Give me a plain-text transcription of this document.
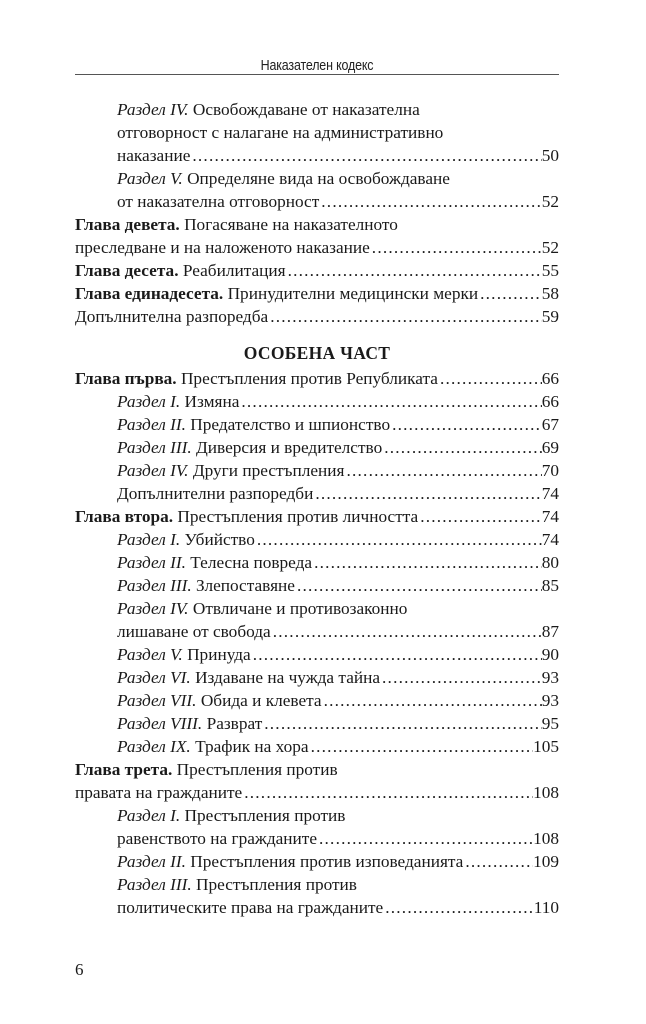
Наказателен кодекс
Раздел IV. Освобождаване от наказателна
отговорност с налагане на административно
наказание .....	50
Раздел V. Определяне вида на освобождаване
от наказателна отговорност .....	52
Глава девета. Погасяване на наказателното
преследване и на наложеното наказание .....	52
Глава десета. Реабилитация .....	55
Глава единадесета. Принудителни медицински мерки .....	58
Допълнителна разпоредба .....	59
ОСОБЕНА ЧАСТ
Глава първа. Престъпления против Републиката .....	66
Раздел I. Измяна .....	66
Раздел II. Предателство и шпионство .....	67
Раздел III. Диверсия и вредителство .....	69
Раздел IV. Други престъпления .....	70
Допълнителни разпоредби .....	74
Глава втора. Престъпления против личността .....	74
Раздел I. Убийство .....	74
Раздел II. Телесна повреда .....	80
Раздел III. Злепоставяне .....	85
Раздел IV. Отвличане и противозаконно
лишаване от свобода .....	87
Раздел V. Принуда .....	90
Раздел VI. Издаване на чужда тайна .....	93
Раздел VII. Обида и клевета .....	93
Раздел VIII. Разврат .....	95
Раздел IX. Трафик на хора .....	105
Глава трета. Престъпления против
правата на гражданите .....	108
Раздел I. Престъпления против
равенството на гражданите .....	108
Раздел II. Престъпления против изповеданията .....	109
Раздел III. Престъпления против
политическите права на гражданите .....	110
6
